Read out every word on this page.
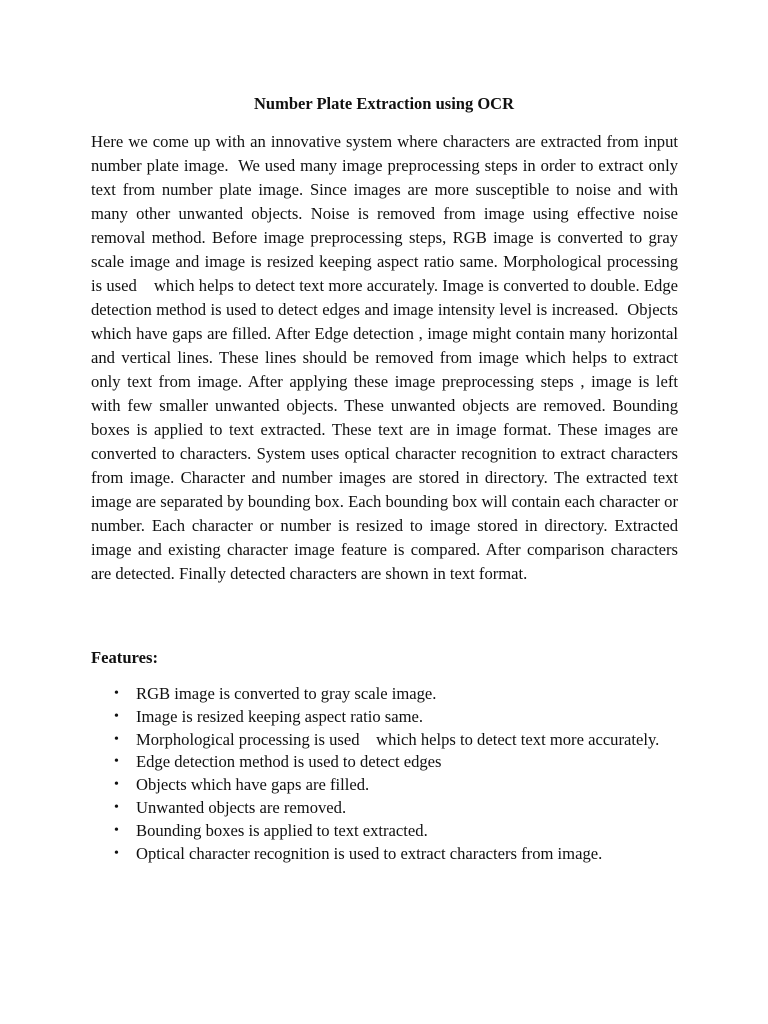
Number Plate Extraction using OCR

Here we come up with an innovative system where characters are extracted from input number plate image.  We used many image preprocessing steps in order to extract only text from number plate image. Since images are more susceptible to noise and with many other unwanted objects. Noise is removed from image using effective noise removal method. Before image preprocessing steps, RGB image is converted to gray scale image and image is resized keeping aspect ratio same. Morphological processing is used    which helps to detect text more accurately. Image is converted to double. Edge detection method is used to detect edges and image intensity level is increased.  Objects which have gaps are filled. After Edge detection , image might contain many horizontal and vertical lines. These lines should be removed from image which helps to extract only text from image. After applying these image preprocessing steps , image is left with few smaller unwanted objects. These unwanted objects are removed. Bounding boxes is applied to text extracted. These text are in image format. These images are converted to characters. System uses optical character recognition to extract characters from image. Character and number images are stored in directory. The extracted text image are separated by bounding box. Each bounding box will contain each character or number. Each character or number is resized to image stored in directory. Extracted image and existing character image feature is compared. After comparison characters are detected. Finally detected characters are shown in text format.

Features:
• RGB image is converted to gray scale image.
• Image is resized keeping aspect ratio same.
• Morphological processing is used    which helps to detect text more accurately.
• Edge detection method is used to detect edges
• Objects which have gaps are filled.
• Unwanted objects are removed.
• Bounding boxes is applied to text extracted.
• Optical character recognition is used to extract characters from image.
